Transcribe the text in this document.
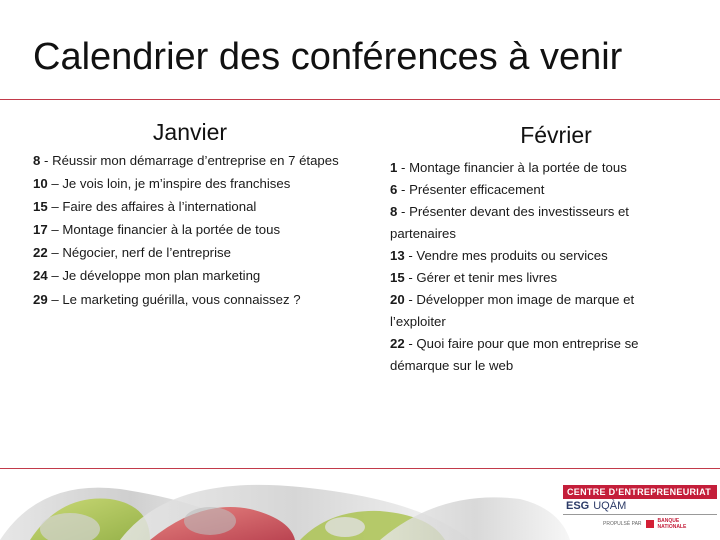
Calendrier des conférences à venir
Janvier	Février
8 - Réussir mon démarrage d’entreprise en 7 étapes
10 – Je vois loin, je m’inspire des franchises
15 – Faire des affaires à l’international
17 – Montage financier à la portée de tous
22 – Négocier, nerf de l’entreprise
24 – Je développe mon plan marketing
29 – Le marketing guérilla, vous connaissez ?
1 - Montage financier à la portée de tous
6 - Présenter efficacement
8 - Présenter devant des investisseurs et partenaires
13 - Vendre mes produits ou services
15 - Gérer et tenir mes livres
20 - Développer mon image de marque et l’exploiter
22 - Quoi faire pour que mon entreprise se démarque sur le web
CENTRE D’ENTREPRENEURIAT
ESG UQÀM
PROPULSÉ PAR	BANQUE
NATIONALE
